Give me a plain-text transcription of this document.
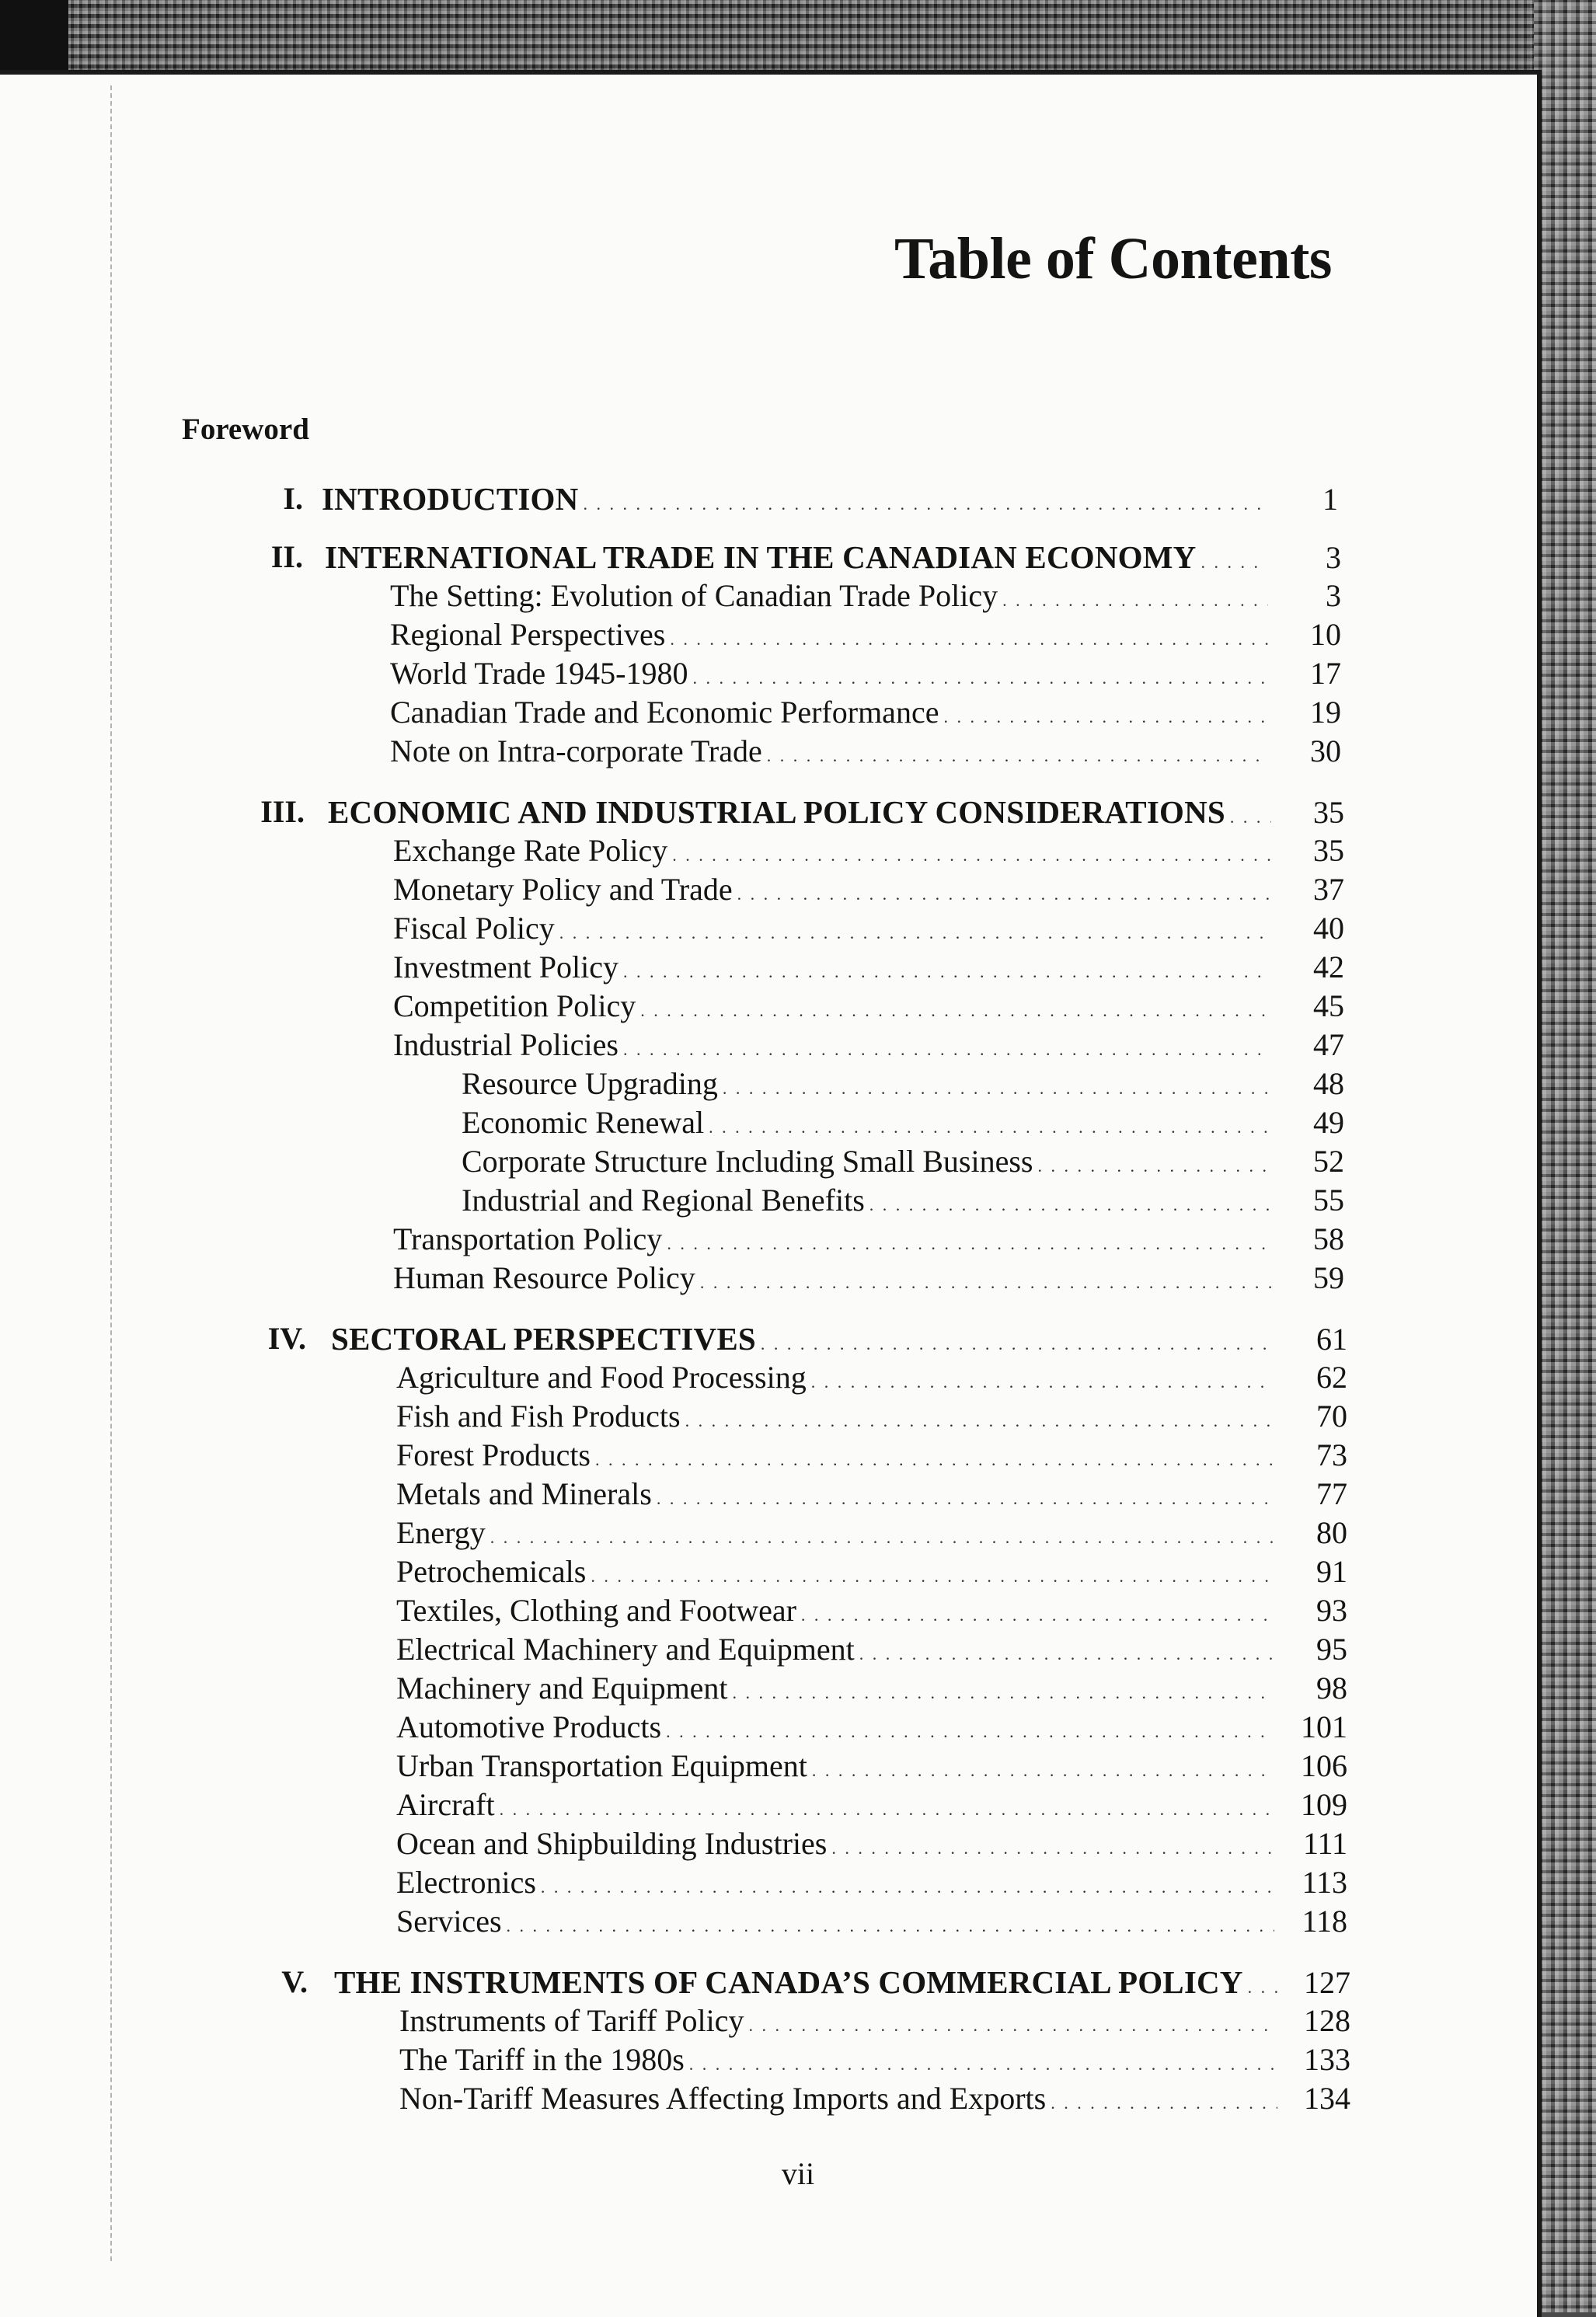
Table of Contents
Foreword
I. INTRODUCTION . . .	1
II. INTERNATIONAL TRADE IN THE CANADIAN ECONOMY . . .	3
The Setting: Evolution of Canadian Trade Policy . . .	3
Regional Perspectives . . .	10
World Trade 1945-1980 . . .	17
Canadian Trade and Economic Performance . . .	19
Note on Intra-corporate Trade . . .	30
III. ECONOMIC AND INDUSTRIAL POLICY CONSIDERATIONS . . .	35
Exchange Rate Policy . . .	35
Monetary Policy and Trade . . .	37
Fiscal Policy . . .	40
Investment Policy . . .	42
Competition Policy . . .	45
Industrial Policies . . .	47
Resource Upgrading . . .	48
Economic Renewal . . .	49
Corporate Structure Including Small Business . . .	52
Industrial and Regional Benefits . . .	55
Transportation Policy . . .	58
Human Resource Policy . . .	59
IV. SECTORAL PERSPECTIVES . . .	61
Agriculture and Food Processing . . .	62
Fish and Fish Products . . .	70
Forest Products . . .	73
Metals and Minerals . . .	77
Energy . . .	80
Petrochemicals . . .	91
Textiles, Clothing and Footwear . . .	93
Electrical Machinery and Equipment . . .	95
Machinery and Equipment . . .	98
Automotive Products . . .	101
Urban Transportation Equipment . . .	106
Aircraft . . .	109
Ocean and Shipbuilding Industries . . .	111
Electronics . . .	113
Services . . .	118
V. THE INSTRUMENTS OF CANADA’S COMMERCIAL POLICY . . .	127
Instruments of Tariff Policy . . .	128
The Tariff in the 1980s . . .	133
Non-Tariff Measures Affecting Imports and Exports . . .	134
vii
